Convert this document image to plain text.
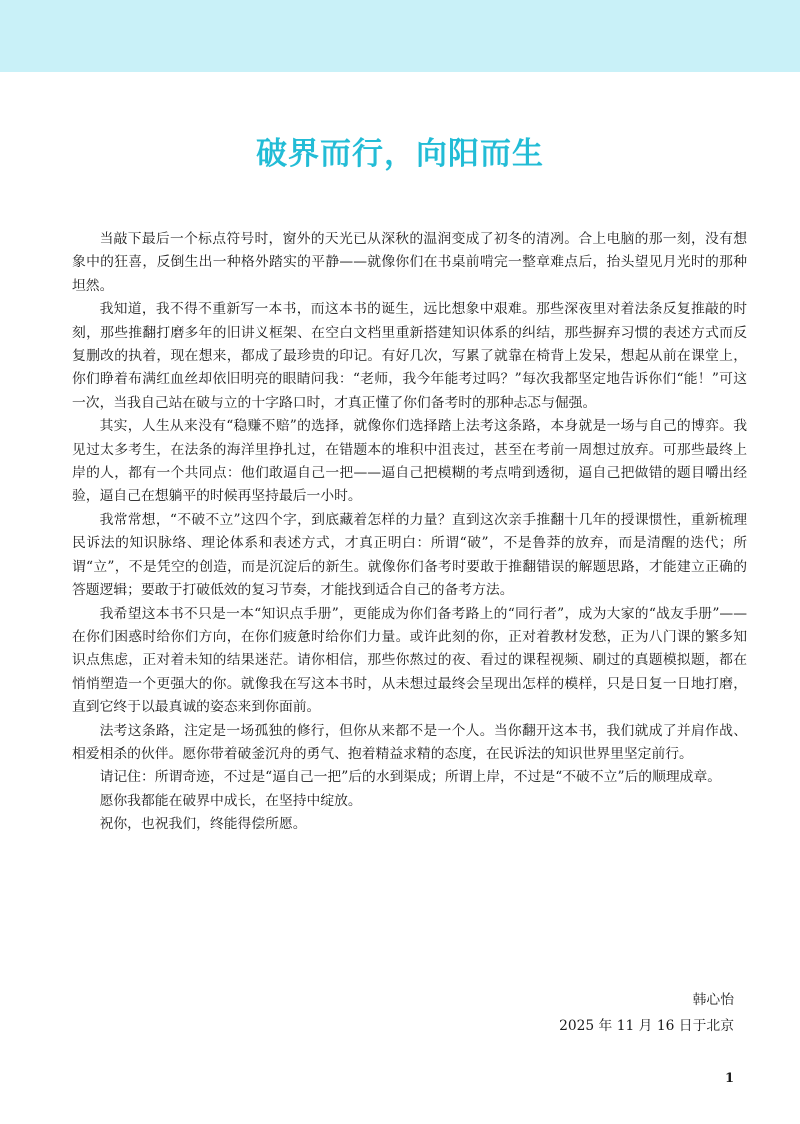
破界而行，向阳而生

当敲下最后一个标点符号时，窗外的天光已从深秋的温润变成了初冬的清冽。合上电脑的那一刻，没有想象中的狂喜，反倒生出一种格外踏实的平静——就像你们在书桌前啃完一整章难点后，抬头望见月光时的那种坦然。

我知道，我不得不重新写一本书，而这本书的诞生，远比想象中艰难。那些深夜里对着法条反复推敲的时刻，那些推翻打磨多年的旧讲义框架、在空白文档里重新搭建知识体系的纠结，那些摒弃习惯的表述方式而反复删改的执着，现在想来，都成了最珍贵的印记。有好几次，写累了就靠在椅背上发呆，想起从前在课堂上，你们睁着布满红血丝却依旧明亮的眼睛问我：“老师，我今年能考过吗？”每次我都坚定地告诉你们“能！”可这一次，当我自己站在破与立的十字路口时，才真正懂了你们备考时的那种忐忑与倔强。

其实，人生从来没有“稳赚不赔”的选择，就像你们选择踏上法考这条路，本身就是一场与自己的博弈。我见过太多考生，在法条的海洋里挣扎过，在错题本的堆积中沮丧过，甚至在考前一周想过放弃。可那些最终上岸的人，都有一个共同点：他们敢逼自己一把——逼自己把模糊的考点啃到透彻，逼自己把做错的题目嚼出经验，逼自己在想躺平的时候再坚持最后一小时。

我常常想，“不破不立”这四个字，到底藏着怎样的力量？直到这次亲手推翻十几年的授课惯性，重新梳理民诉法的知识脉络、理论体系和表述方式，才真正明白：所谓“破”，不是鲁莽的放弃，而是清醒的迭代；所谓“立”，不是凭空的创造，而是沉淀后的新生。就像你们备考时要敢于推翻错误的解题思路，才能建立正确的答题逻辑；要敢于打破低效的复习节奏，才能找到适合自己的备考方法。

我希望这本书不只是一本“知识点手册”，更能成为你们备考路上的“同行者”，成为大家的“战友手册”——在你们困惑时给你们方向，在你们疲惫时给你们力量。或许此刻的你，正对着教材发愁，正为八门课的繁多知识点焦虑，正对着未知的结果迷茫。请你相信，那些你熬过的夜、看过的课程视频、刷过的真题模拟题，都在悄悄塑造一个更强大的你。就像我在写这本书时，从未想过最终会呈现出怎样的模样，只是日复一日地打磨，直到它终于以最真诚的姿态来到你面前。

法考这条路，注定是一场孤独的修行，但你从来都不是一个人。当你翻开这本书，我们就成了并肩作战、相爱相杀的伙伴。愿你带着破釜沉舟的勇气、抱着精益求精的态度，在民诉法的知识世界里坚定前行。

请记住：所谓奇迹，不过是“逼自己一把”后的水到渠成；所谓上岸，不过是“不破不立”后的顺理成章。

愿你我都能在破界中成长，在坚持中绽放。

祝你，也祝我们，终能得偿所愿。

韩心怡
2025 年 11 月 16 日于北京
1
